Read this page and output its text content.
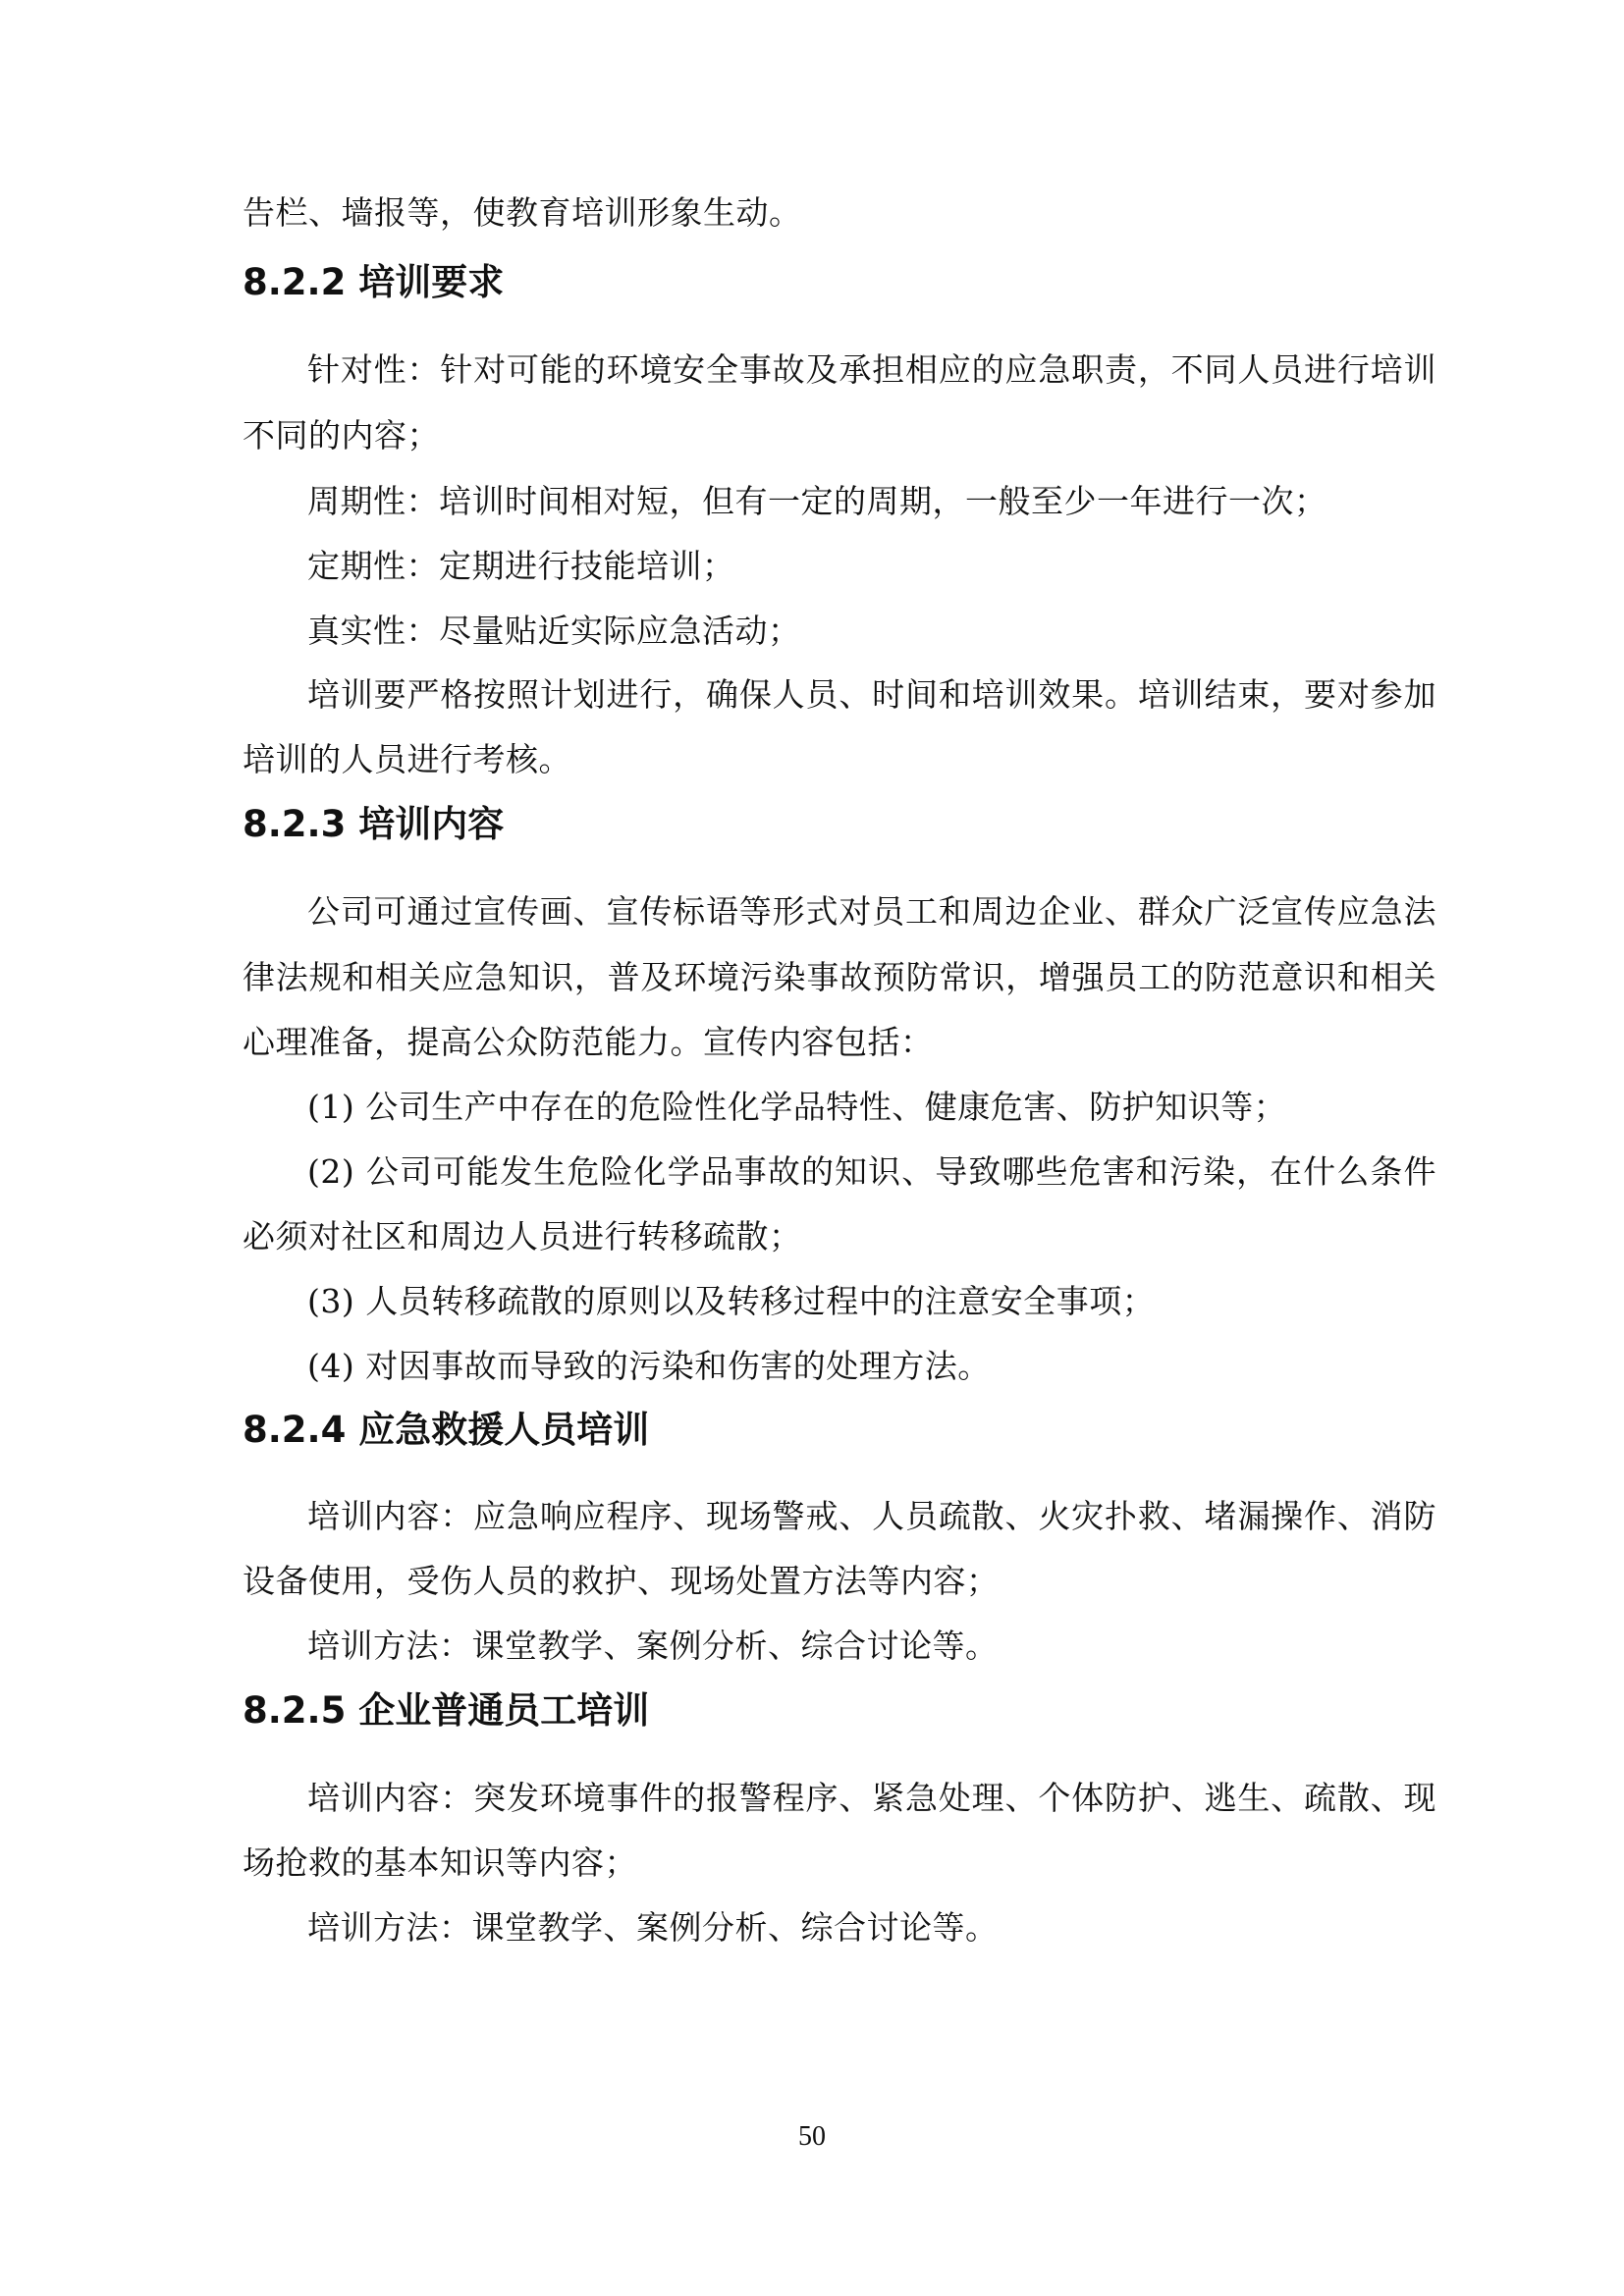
告栏、墙报等，使教育培训形象生动。
8.2.2 培训要求
针对性：针对可能的环境安全事故及承担相应的应急职责，不同人员进行培训
不同的内容；
周期性：培训时间相对短，但有一定的周期，一般至少一年进行一次；
定期性：定期进行技能培训；
真实性：尽量贴近实际应急活动；
培训要严格按照计划进行，确保人员、时间和培训效果。培训结束，要对参加
培训的人员进行考核。
8.2.3 培训内容
公司可通过宣传画、宣传标语等形式对员工和周边企业、群众广泛宣传应急法
律法规和相关应急知识，普及环境污染事故预防常识，增强员工的防范意识和相关
心理准备，提高公众防范能力。宣传内容包括：
(1) 公司生产中存在的危险性化学品特性、健康危害、防护知识等；
(2) 公司可能发生危险化学品事故的知识、导致哪些危害和污染，在什么条件
必须对社区和周边人员进行转移疏散；
(3) 人员转移疏散的原则以及转移过程中的注意安全事项；
(4) 对因事故而导致的污染和伤害的处理方法。
8.2.4 应急救援人员培训
培训内容：应急响应程序、现场警戒、人员疏散、火灾扑救、堵漏操作、消防
设备使用，受伤人员的救护、现场处置方法等内容；
培训方法：课堂教学、案例分析、综合讨论等。
8.2.5 企业普通员工培训
培训内容：突发环境事件的报警程序、紧急处理、个体防护、逃生、疏散、现
场抢救的基本知识等内容；
培训方法：课堂教学、案例分析、综合讨论等。
50
